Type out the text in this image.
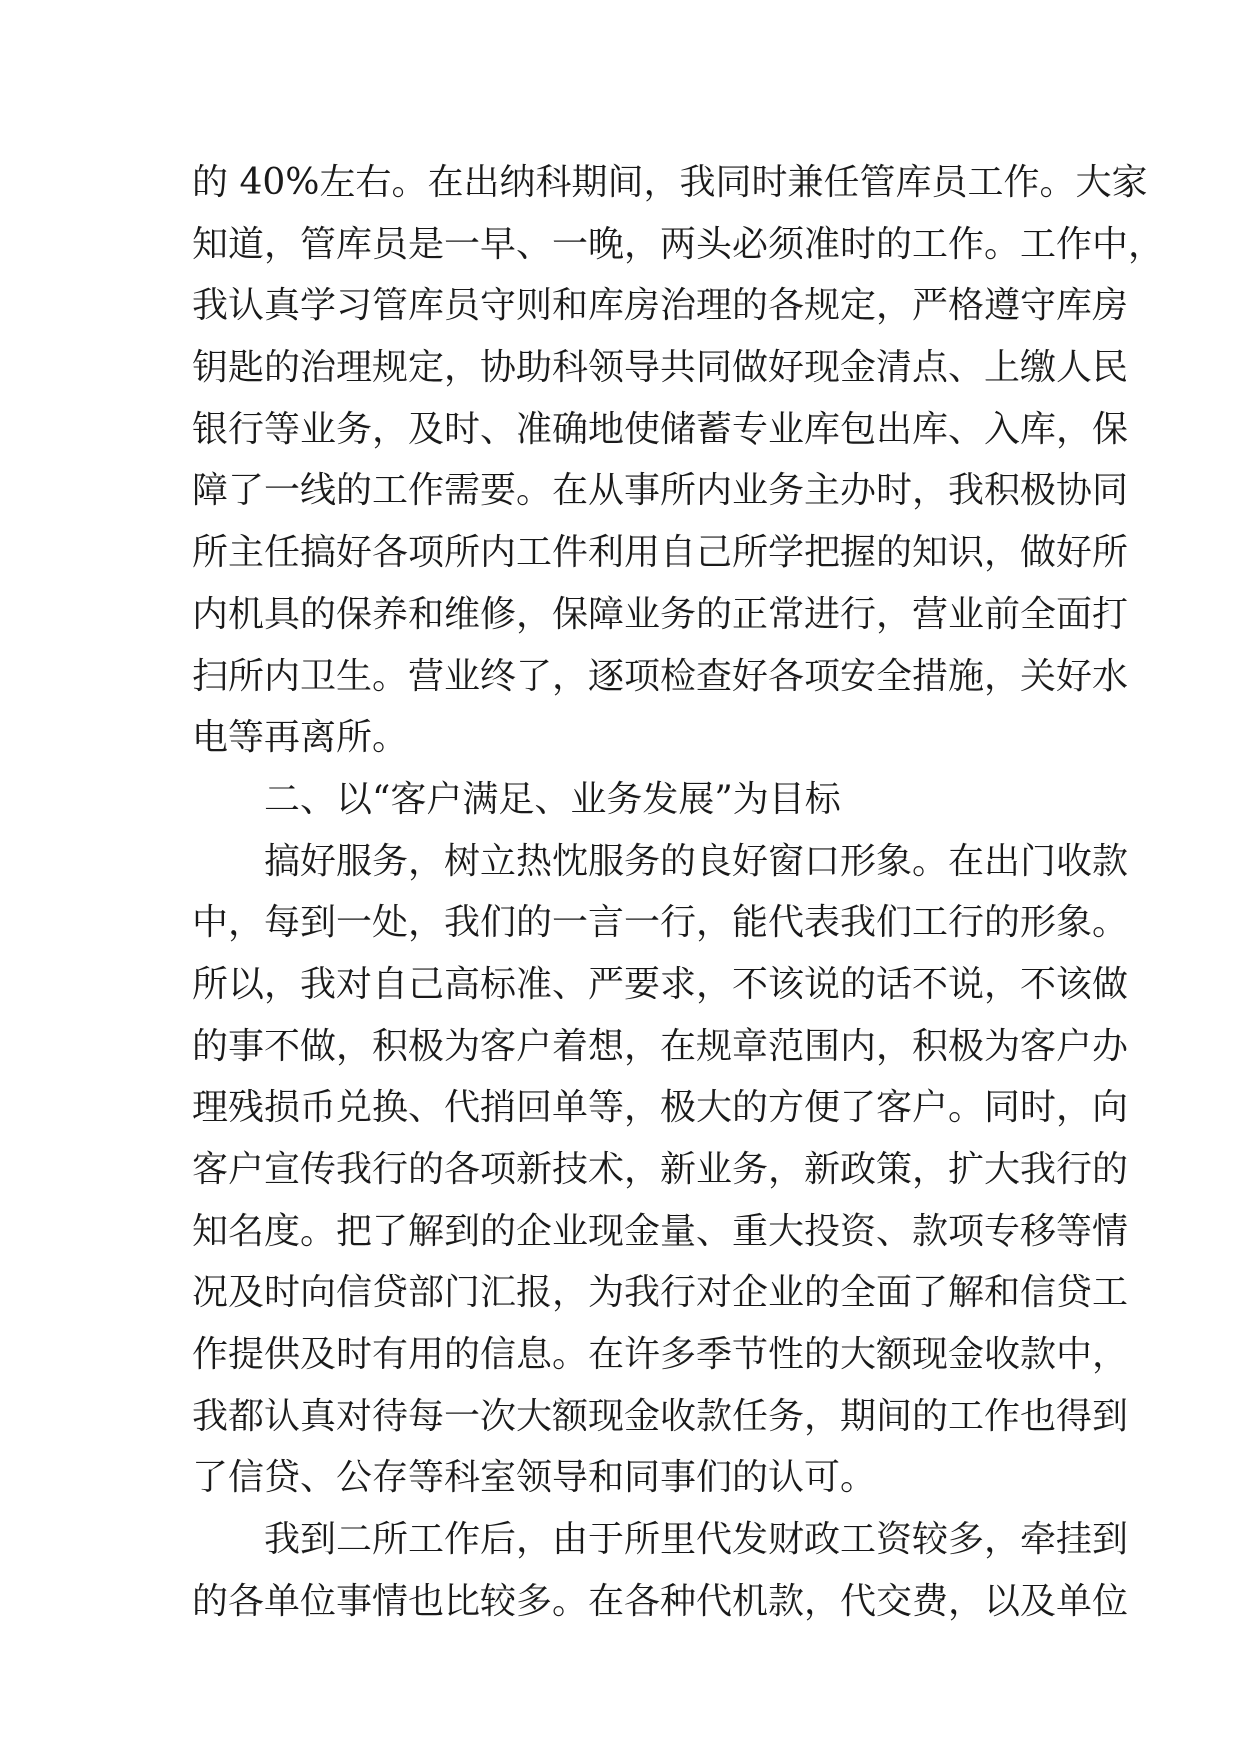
的 40%左右。在出纳科期间，我同时兼任管库员工作。大家
知道，管库员是一早、一晚，两头必须准时的工作。工作中，
我认真学习管库员守则和库房治理的各规定，严格遵守库房
钥匙的治理规定，协助科领导共同做好现金清点、上缴人民
银行等业务，及时、准确地使储蓄专业库包出库、入库，保
障了一线的工作需要。在从事所内业务主办时，我积极协同
所主任搞好各项所内工件利用自己所学把握的知识，做好所
内机具的保养和维修，保障业务的正常进行，营业前全面打
扫所内卫生。营业终了，逐项检查好各项安全措施，关好水
电等再离所。
二、以“客户满足、业务发展”为目标
搞好服务，树立热忱服务的良好窗口形象。在出门收款
中，每到一处，我们的一言一行，能代表我们工行的形象。
所以，我对自己高标准、严要求，不该说的话不说，不该做
的事不做，积极为客户着想，在规章范围内，积极为客户办
理残损币兑换、代捎回单等，极大的方便了客户。同时，向
客户宣传我行的各项新技术，新业务，新政策，扩大我行的
知名度。把了解到的企业现金量、重大投资、款项专移等情
况及时向信贷部门汇报，为我行对企业的全面了解和信贷工
作提供及时有用的信息。在许多季节性的大额现金收款中，
我都认真对待每一次大额现金收款任务，期间的工作也得到
了信贷、公存等科室领导和同事们的认可。
我到二所工作后，由于所里代发财政工资较多，牵挂到
的各单位事情也比较多。在各种代机款，代交费，以及单位
